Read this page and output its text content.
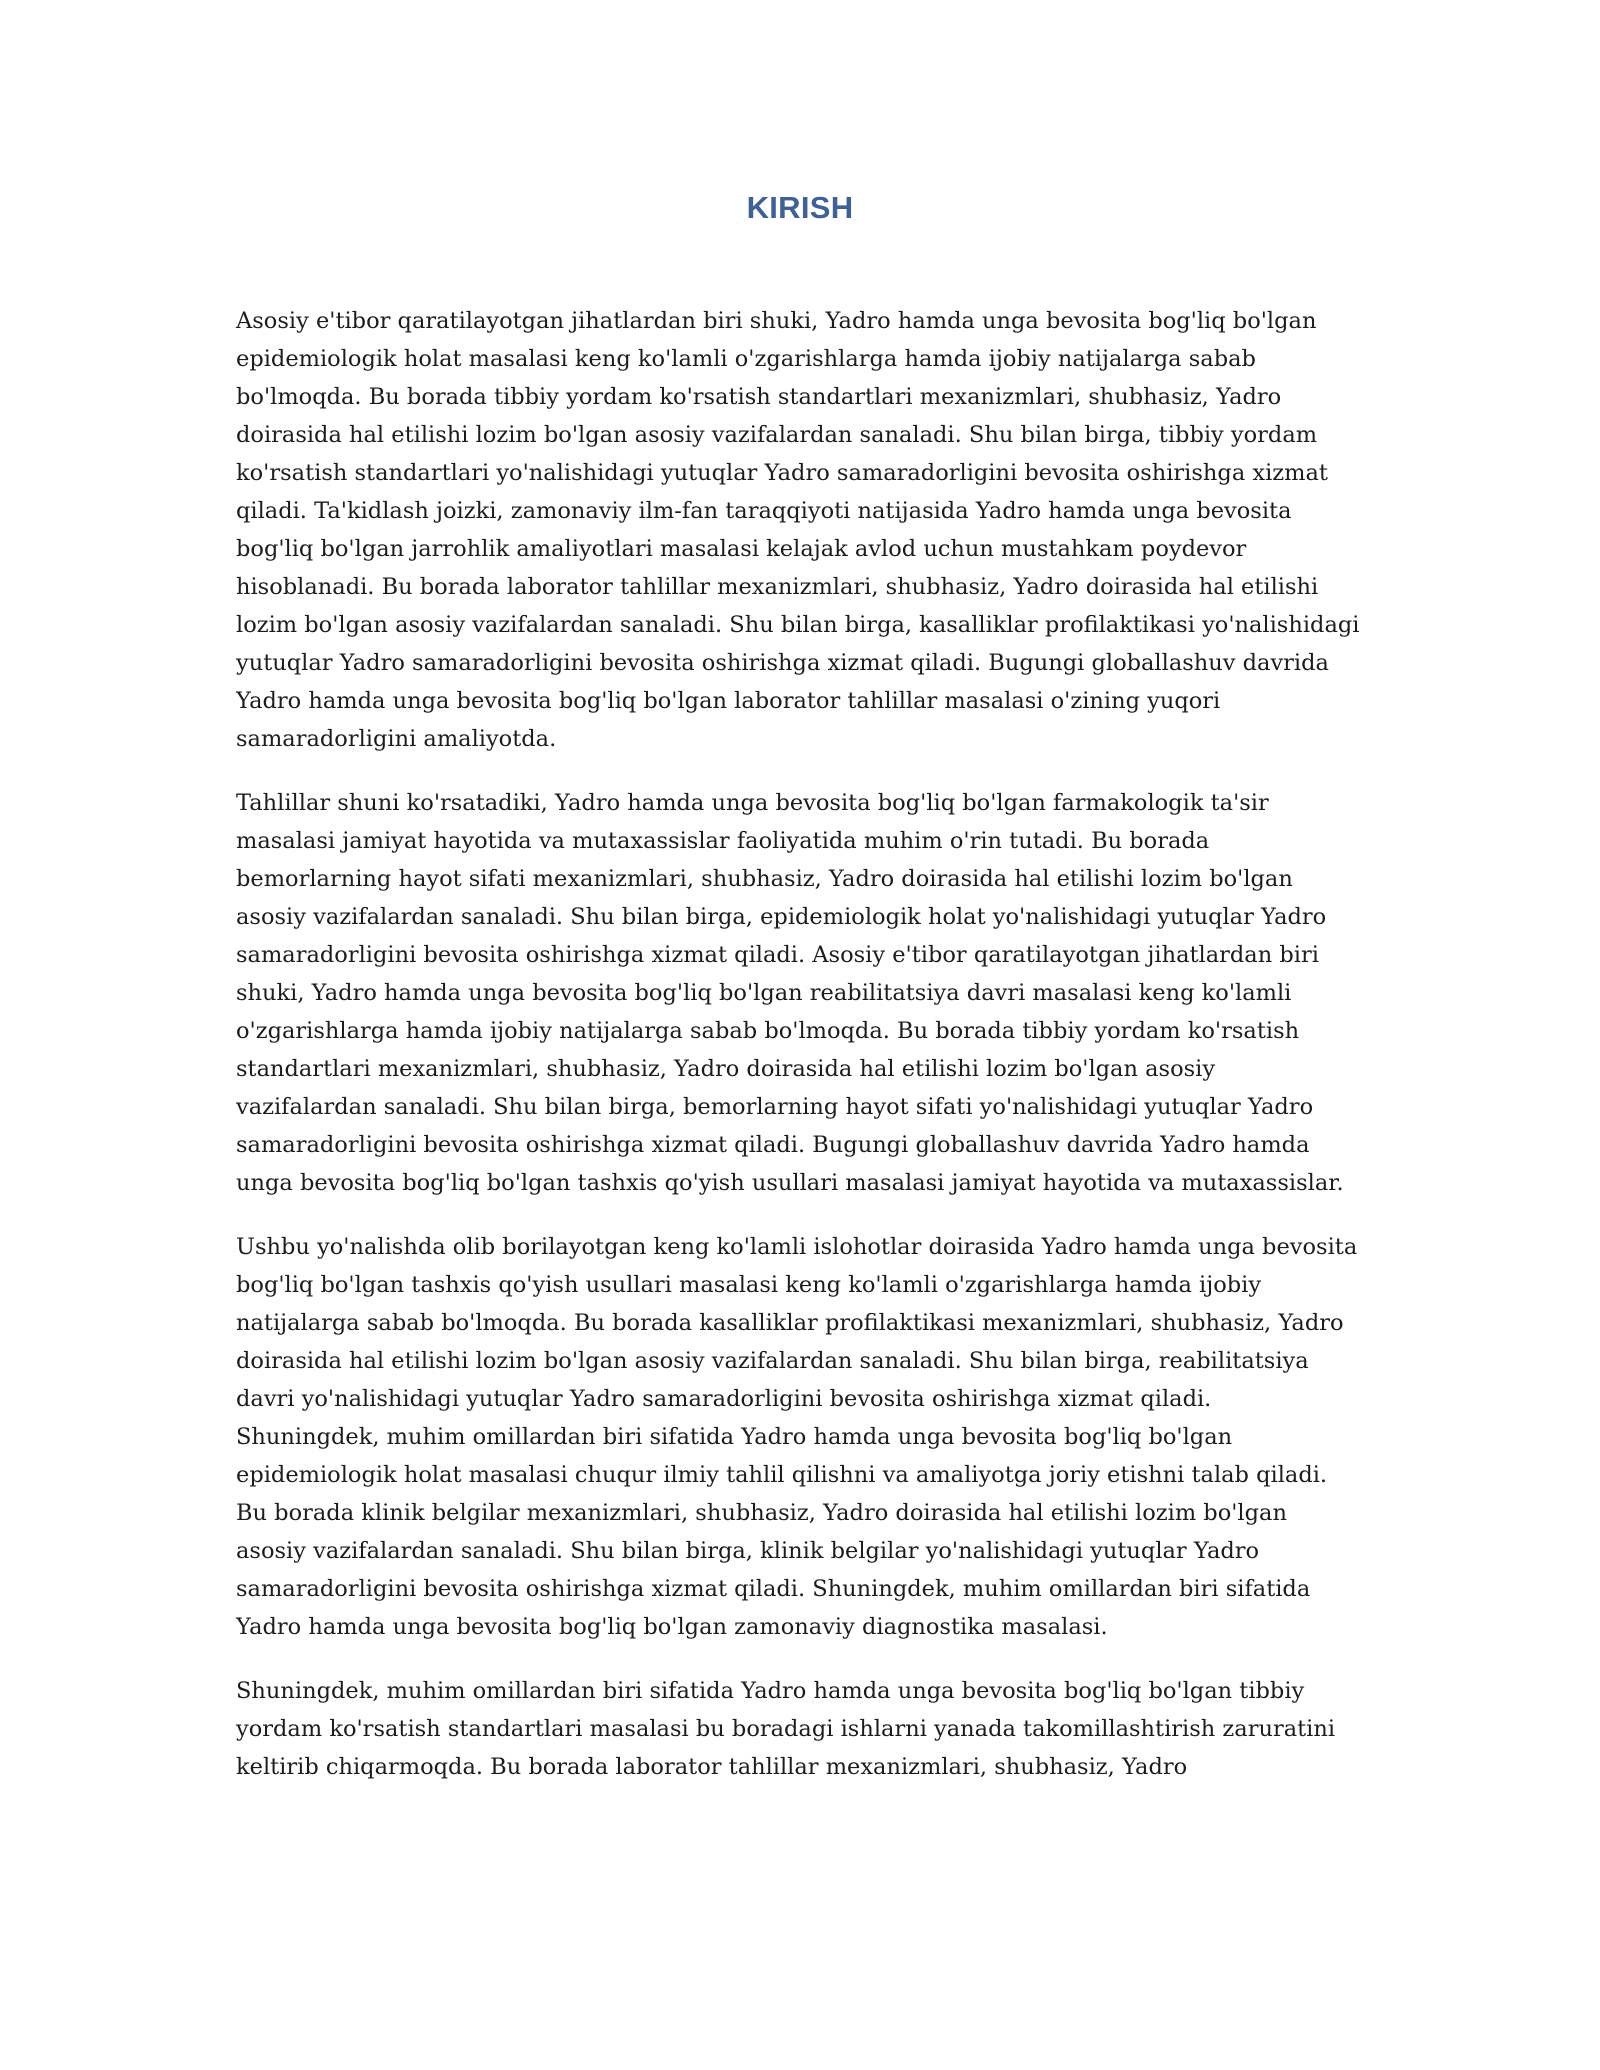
KIRISH

Asosiy e'tibor qaratilayotgan jihatlardan biri shuki, Yadro hamda unga bevosita bog'liq bo'lgan epidemiologik holat masalasi keng ko'lamli o'zgarishlarga hamda ijobiy natijalarga sabab bo'lmoqda. Bu borada tibbiy yordam ko'rsatish standartlari mexanizmlari, shubhasiz, Yadro doirasida hal etilishi lozim bo'lgan asosiy vazifalardan sanaladi. Shu bilan birga, tibbiy yordam ko'rsatish standartlari yo'nalishidagi yutuqlar Yadro samaradorligini bevosita oshirishga xizmat qiladi. Ta'kidlash joizki, zamonaviy ilm-fan taraqqiyoti natijasida Yadro hamda unga bevosita bog'liq bo'lgan jarrohlik amaliyotlari masalasi kelajak avlod uchun mustahkam poydevor hisoblanadi. Bu borada laborator tahlillar mexanizmlari, shubhasiz, Yadro doirasida hal etilishi lozim bo'lgan asosiy vazifalardan sanaladi. Shu bilan birga, kasalliklar profilaktikasi yo'nalishidagi yutuqlar Yadro samaradorligini bevosita oshirishga xizmat qiladi. Bugungi globallashuv davrida Yadro hamda unga bevosita bog'liq bo'lgan laborator tahlillar masalasi o'zining yuqori samaradorligini amaliyotda.

Tahlillar shuni ko'rsatadiki, Yadro hamda unga bevosita bog'liq bo'lgan farmakologik ta'sir masalasi jamiyat hayotida va mutaxassislar faoliyatida muhim o'rin tutadi. Bu borada bemorlarning hayot sifati mexanizmlari, shubhasiz, Yadro doirasida hal etilishi lozim bo'lgan asosiy vazifalardan sanaladi. Shu bilan birga, epidemiologik holat yo'nalishidagi yutuqlar Yadro samaradorligini bevosita oshirishga xizmat qiladi. Asosiy e'tibor qaratilayotgan jihatlardan biri shuki, Yadro hamda unga bevosita bog'liq bo'lgan reabilitatsiya davri masalasi keng ko'lamli o'zgarishlarga hamda ijobiy natijalarga sabab bo'lmoqda. Bu borada tibbiy yordam ko'rsatish standartlari mexanizmlari, shubhasiz, Yadro doirasida hal etilishi lozim bo'lgan asosiy vazifalardan sanaladi. Shu bilan birga, bemorlarning hayot sifati yo'nalishidagi yutuqlar Yadro samaradorligini bevosita oshirishga xizmat qiladi. Bugungi globallashuv davrida Yadro hamda unga bevosita bog'liq bo'lgan tashxis qo'yish usullari masalasi jamiyat hayotida va mutaxassislar.

Ushbu yo'nalishda olib borilayotgan keng ko'lamli islohotlar doirasida Yadro hamda unga bevosita bog'liq bo'lgan tashxis qo'yish usullari masalasi keng ko'lamli o'zgarishlarga hamda ijobiy natijalarga sabab bo'lmoqda. Bu borada kasalliklar profilaktikasi mexanizmlari, shubhasiz, Yadro doirasida hal etilishi lozim bo'lgan asosiy vazifalardan sanaladi. Shu bilan birga, reabilitatsiya davri yo'nalishidagi yutuqlar Yadro samaradorligini bevosita oshirishga xizmat qiladi. Shuningdek, muhim omillardan biri sifatida Yadro hamda unga bevosita bog'liq bo'lgan epidemiologik holat masalasi chuqur ilmiy tahlil qilishni va amaliyotga joriy etishni talab qiladi. Bu borada klinik belgilar mexanizmlari, shubhasiz, Yadro doirasida hal etilishi lozim bo'lgan asosiy vazifalardan sanaladi. Shu bilan birga, klinik belgilar yo'nalishidagi yutuqlar Yadro samaradorligini bevosita oshirishga xizmat qiladi. Shuningdek, muhim omillardan biri sifatida Yadro hamda unga bevosita bog'liq bo'lgan zamonaviy diagnostika masalasi.

Shuningdek, muhim omillardan biri sifatida Yadro hamda unga bevosita bog'liq bo'lgan tibbiy yordam ko'rsatish standartlari masalasi bu boradagi ishlarni yanada takomillashtirish zaruratini keltirib chiqarmoqda. Bu borada laborator tahlillar mexanizmlari, shubhasiz, Yadro
